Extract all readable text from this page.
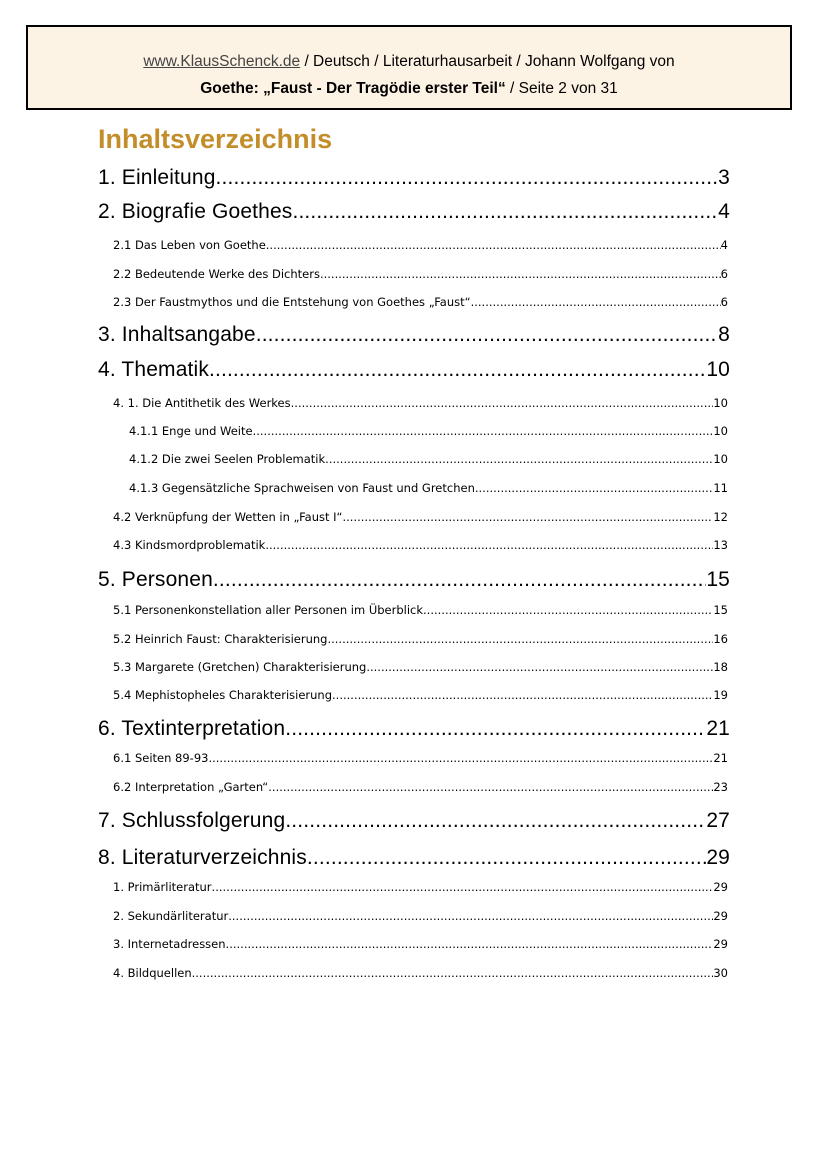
www.KlausSchenck.de / Deutsch / Literaturhausarbeit / Johann Wolfgang von
Goethe: „Faust - Der Tragödie erster Teil“ / Seite 2 von 31
Inhaltsverzeichnis
1. Einleitung .....	3
2. Biografie Goethes .....	4
2.1 Das Leben von Goethe .....	4
2.2 Bedeutende Werke des Dichters .....	6
2.3 Der Faustmythos und die Entstehung von Goethes „Faust“ .....	6
3. Inhaltsangabe .....	8
4. Thematik .....	10
4. 1. Die Antithetik des Werkes .....	10
4.1.1 Enge und Weite .....	10
4.1.2 Die zwei Seelen Problematik .....	10
4.1.3 Gegensätzliche Sprachweisen von Faust und Gretchen .....	11
4.2 Verknüpfung der Wetten in „Faust I“ .....	12
4.3 Kindsmordproblematik .....	13
5. Personen .....	15
5.1 Personenkonstellation aller Personen im Überblick .....	15
5.2 Heinrich Faust: Charakterisierung .....	16
5.3 Margarete (Gretchen) Charakterisierung .....	18
5.4 Mephistopheles Charakterisierung .....	19
6. Textinterpretation .....	21
6.1 Seiten 89-93 .....	21
6.2 Interpretation „Garten“ .....	23
7. Schlussfolgerung .....	27
8. Literaturverzeichnis .....	29
1. Primärliteratur .....	29
2. Sekundärliteratur .....	29
3. Internetadressen .....	29
4. Bildquellen .....	30
